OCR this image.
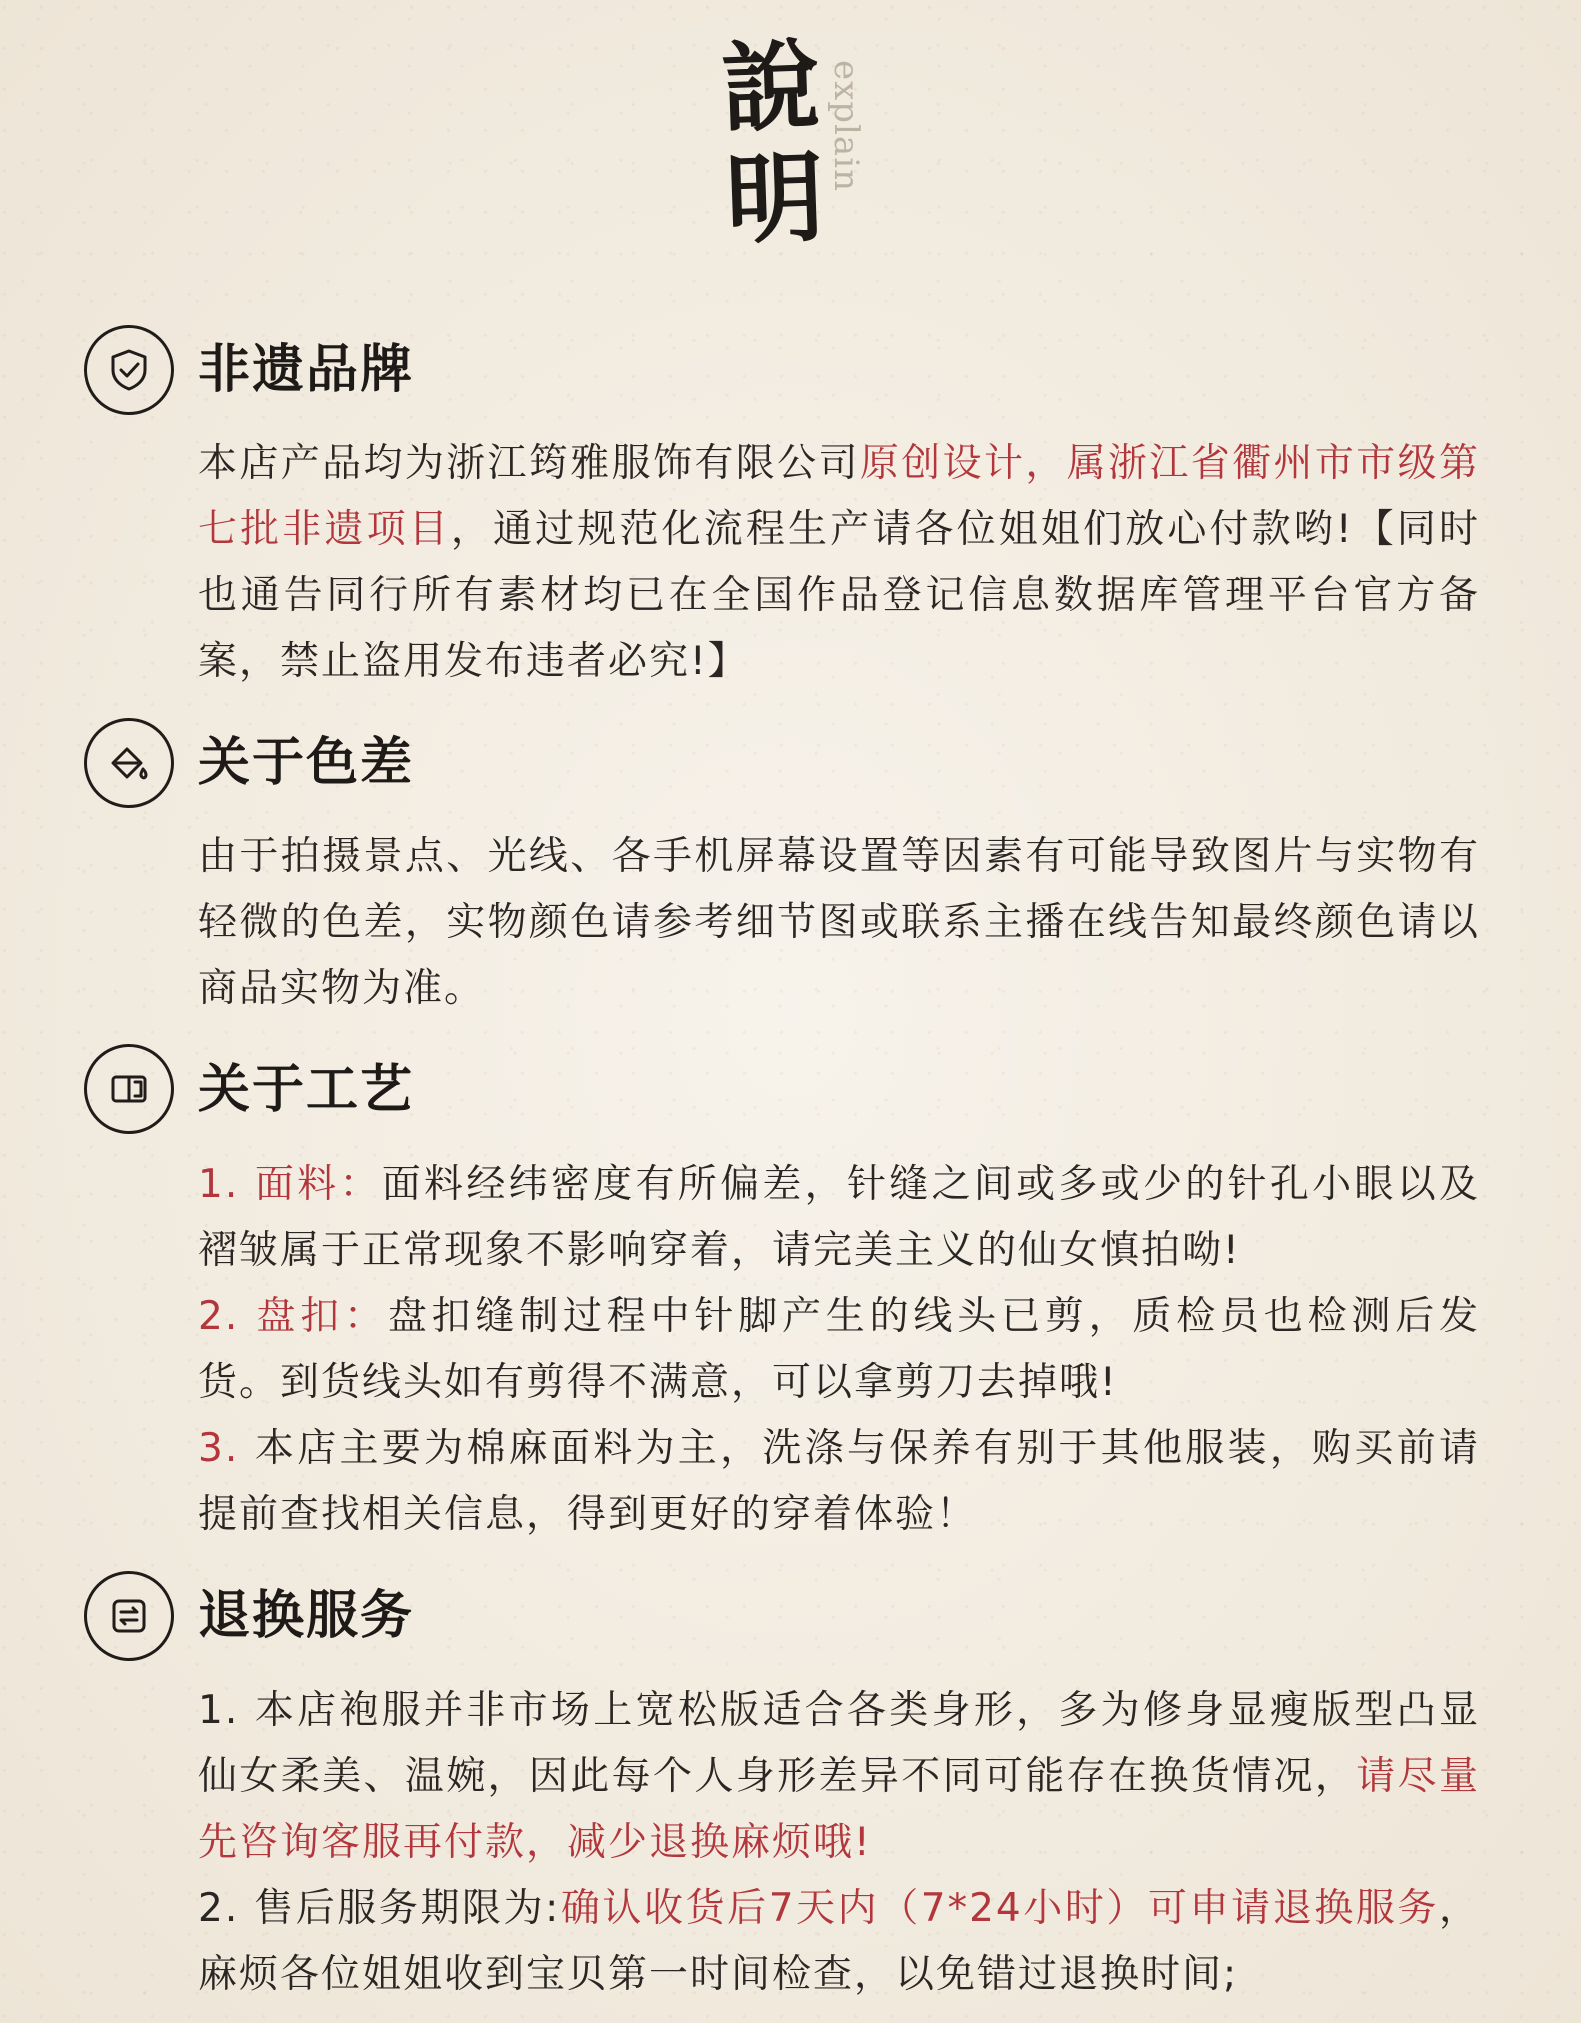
說
明
explain
非遗品牌

本店产品均为浙江筠雅服饰有限公司原创设计，属浙江省衢州市市级第七批非遗项目，通过规范化流程生产请各位姐姐们放心付款哟!【同时也通告同行所有素材均已在全国作品登记信息数据库管理平台官方备案，禁止盗用发布违者必究!】

关于色差

由于拍摄景点、光线、各手机屏幕设置等因素有可能导致图片与实物有轻微的色差，实物颜色请参考细节图或联系主播在线告知最终颜色请以商品实物为准。

关于工艺

1. 面料：面料经纬密度有所偏差，针缝之间或多或少的针孔小眼以及褶皱属于正常现象不影响穿着，请完美主义的仙女慎拍呦!

2. 盘扣：盘扣缝制过程中针脚产生的线头已剪，质检员也检测后发货。到货线头如有剪得不满意，可以拿剪刀去掉哦!

3. 本店主要为棉麻面料为主，洗涤与保养有别于其他服装，购买前请提前查找相关信息，得到更好的穿着体验！

退换服务

1. 本店袍服并非市场上宽松版适合各类身形，多为修身显瘦版型凸显仙女柔美、温婉，因此每个人身形差异不同可能存在换货情况，请尽量先咨询客服再付款，减少退换麻烦哦!

2. 售后服务期限为:确认收货后7天内（7*24小时）可申请退换服务，麻烦各位姐姐收到宝贝第一时间检查，以免错过退换时间;
